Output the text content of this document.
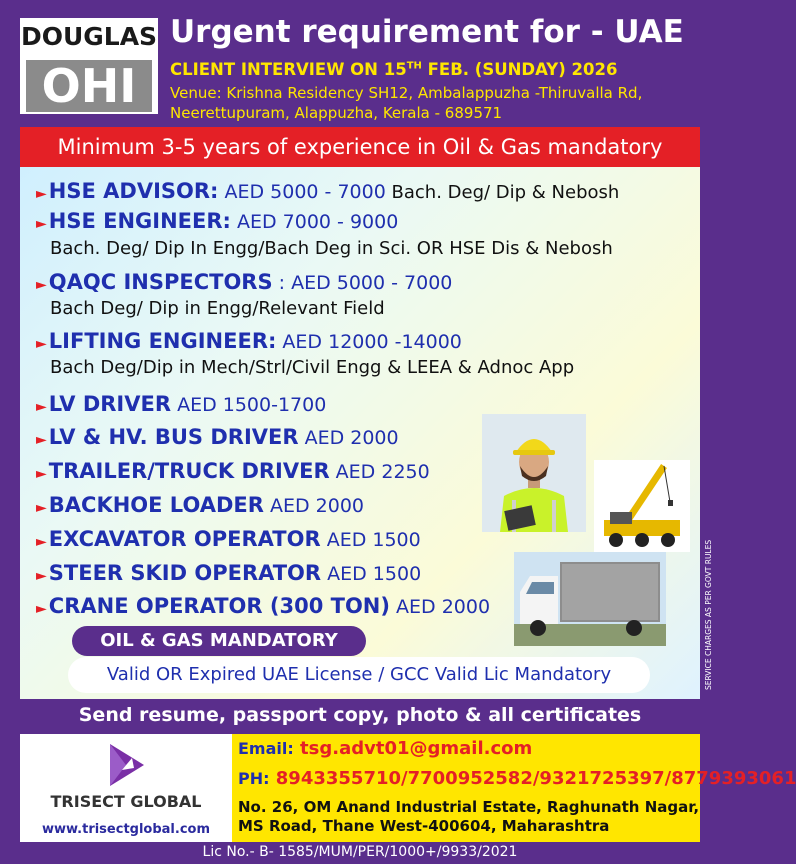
DOUGLAS
OHI
Urgent requirement for - UAE
CLIENT INTERVIEW ON 15TH FEB. (SUNDAY) 2026
Venue: Krishna Residency SH12, Ambalappuzha -Thiruvalla Rd,
Neerettupuram, Alappuzha, Kerala - 689571
Minimum 3-5 years of experience in Oil & Gas mandatory
►HSE ADVISOR: AED 5000 - 7000 Bach. Deg/ Dip & Nebosh
►HSE ENGINEER: AED 7000 - 9000
Bach. Deg/ Dip In Engg/Bach Deg in Sci. OR HSE Dis & Nebosh
►QAQC INSPECTORS : AED 5000 - 7000
Bach Deg/ Dip in Engg/Relevant Field
►LIFTING ENGINEER: AED 12000 -14000
Bach Deg/Dip in Mech/Strl/Civil Engg & LEEA & Adnoc App
►LV DRIVER AED 1500-1700
►LV & HV. BUS DRIVER AED 2000
►TRAILER/TRUCK DRIVER AED 2250
►BACKHOE LOADER AED 2000
►EXCAVATOR OPERATOR AED 1500
►STEER SKID OPERATOR AED 1500
►CRANE OPERATOR (300 TON) AED 2000
OIL & GAS MANDATORY
Valid OR Expired UAE License / GCC Valid Lic Mandatory
Send resume, passport copy, photo & all certificates
TRISECT GLOBAL
www.trisectglobal.com
Email: tsg.advt01@gmail.com
PH: 8943355710/7700952582/9321725397/8779393061
No. 26, OM Anand Industrial Estate, Raghunath Nagar,
MS Road, Thane West-400604, Maharashtra
Lic No.- B- 1585/MUM/PER/1000+/9933/2021
SERVICE CHARGES AS PER GOVT RULES
